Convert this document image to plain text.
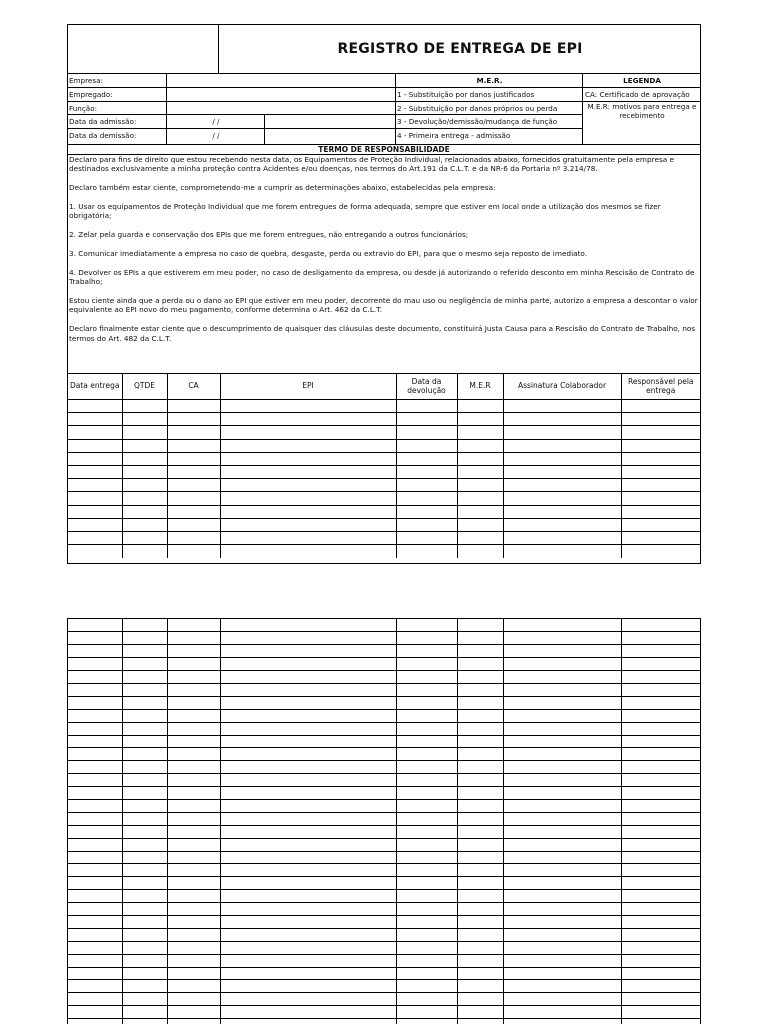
REGISTRO DE ENTREGA DE EPI
Empresa:
Empregado:
Função:
Data da admissão:	/ /
Data da demissão:	/ /
M.E.R.
1 - Substituição por danos justificados
2 - Substituição por danos próprios ou perda
3 - Devolução/demissão/mudança de função
4 - Primeira entrega - admissão
LEGENDA
CA: Certificado de aprovação
M.E.R: motivos para entrega e
recebimento
TERMO DE RESPONSABILIDADE

Declaro para fins de direito que estou recebendo nesta data, os Equipamentos de Proteção Individual, relacionados abaixo, fornecidos gratuitamente pela empresa e destinados exclusivamente a minha proteção contra Acidentes e/ou doenças, nos termos do Art.191 da C.L.T. e da NR-6 da Portaria nº 3.214/78.

Declaro também estar ciente, comprometendo-me a cumprir as determinações abaixo, estabelecidas pela empresa:

1. Usar os equipamentos de Proteção Individual que me forem entregues de forma adequada, sempre que estiver em local onde a utilização dos mesmos se fizer obrigatória;

2. Zelar pela guarda e conservação dos EPIs que me forem entregues, não entregando a outros funcionários;

3. Comunicar imediatamente a empresa no caso de quebra, desgaste, perda ou extravio do EPI, para que o mesmo seja reposto de imediato.

4. Devolver os EPIs a que estiverem em meu poder, no caso de desligamento da empresa, ou desde já autorizando o referido desconto em minha Rescisão de Contrato de Trabalho;

Estou ciente ainda que a perda ou o dano ao EPI que estiver em meu poder, decorrente do mau uso ou negligência de minha parte, autorizo a empresa a descontar o valor equivalente ao EPI novo do meu pagamento, conforme determina o Art. 462 da C.L.T.

Declaro finalmente estar ciente que o descumprimento de quaisquer das cláusulas deste documento, constituirá Justa Causa para a Rescisão do Contrato de Trabalho, nos termos do Art. 482 da C.L.T.

Data entrega	QTDE	CA	EPI	Data da devolução	M.E.R	Assinatura Colaborador	Responsável pela entrega
